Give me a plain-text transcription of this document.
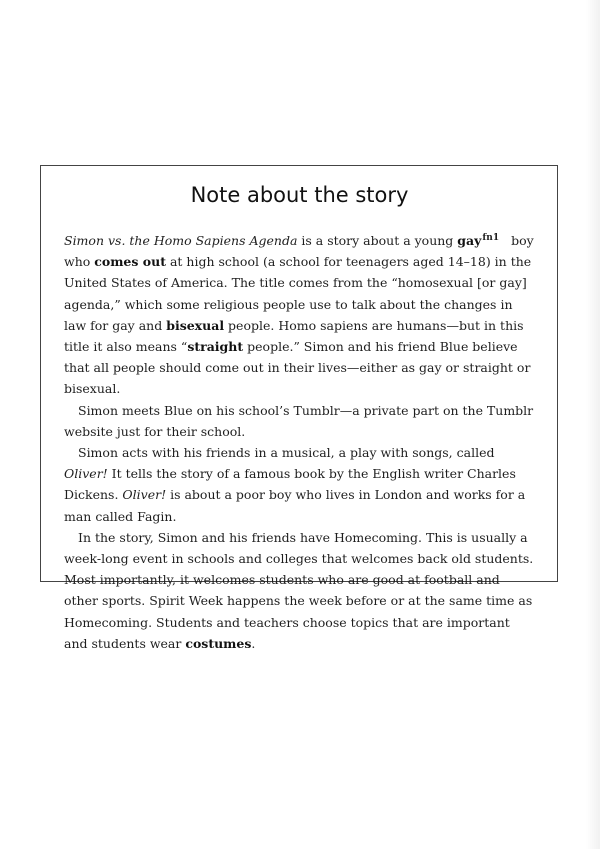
Note about the story

Simon vs. the Homo Sapiens Agenda is a story about a young gay$^{fn1}$ boy who comes out at high school (a school for teenagers aged 14–18) in the United States of America. The title comes from the “homosexual [or gay] agenda,” which some religious people use to talk about the changes in law for gay and bisexual people. Homo sapiens are humans—but in this title it also means “straight people.” Simon and his friend Blue believe that all people should come out in their lives—either as gay or straight or bisexual.

Simon meets Blue on his school’s Tumblr—a private part on the Tumblr website just for their school.

Simon acts with his friends in a musical, a play with songs, called Oliver! It tells the story of a famous book by the English writer Charles Dickens. Oliver! is about a poor boy who lives in London and works for a man called Fagin.

In the story, Simon and his friends have Homecoming. This is usually a week-long event in schools and colleges that welcomes back old students. Most importantly, it welcomes students who are good at football and other sports. Spirit Week happens the week before or at the same time as Homecoming. Students and teachers choose topics that are important and students wear costumes.
